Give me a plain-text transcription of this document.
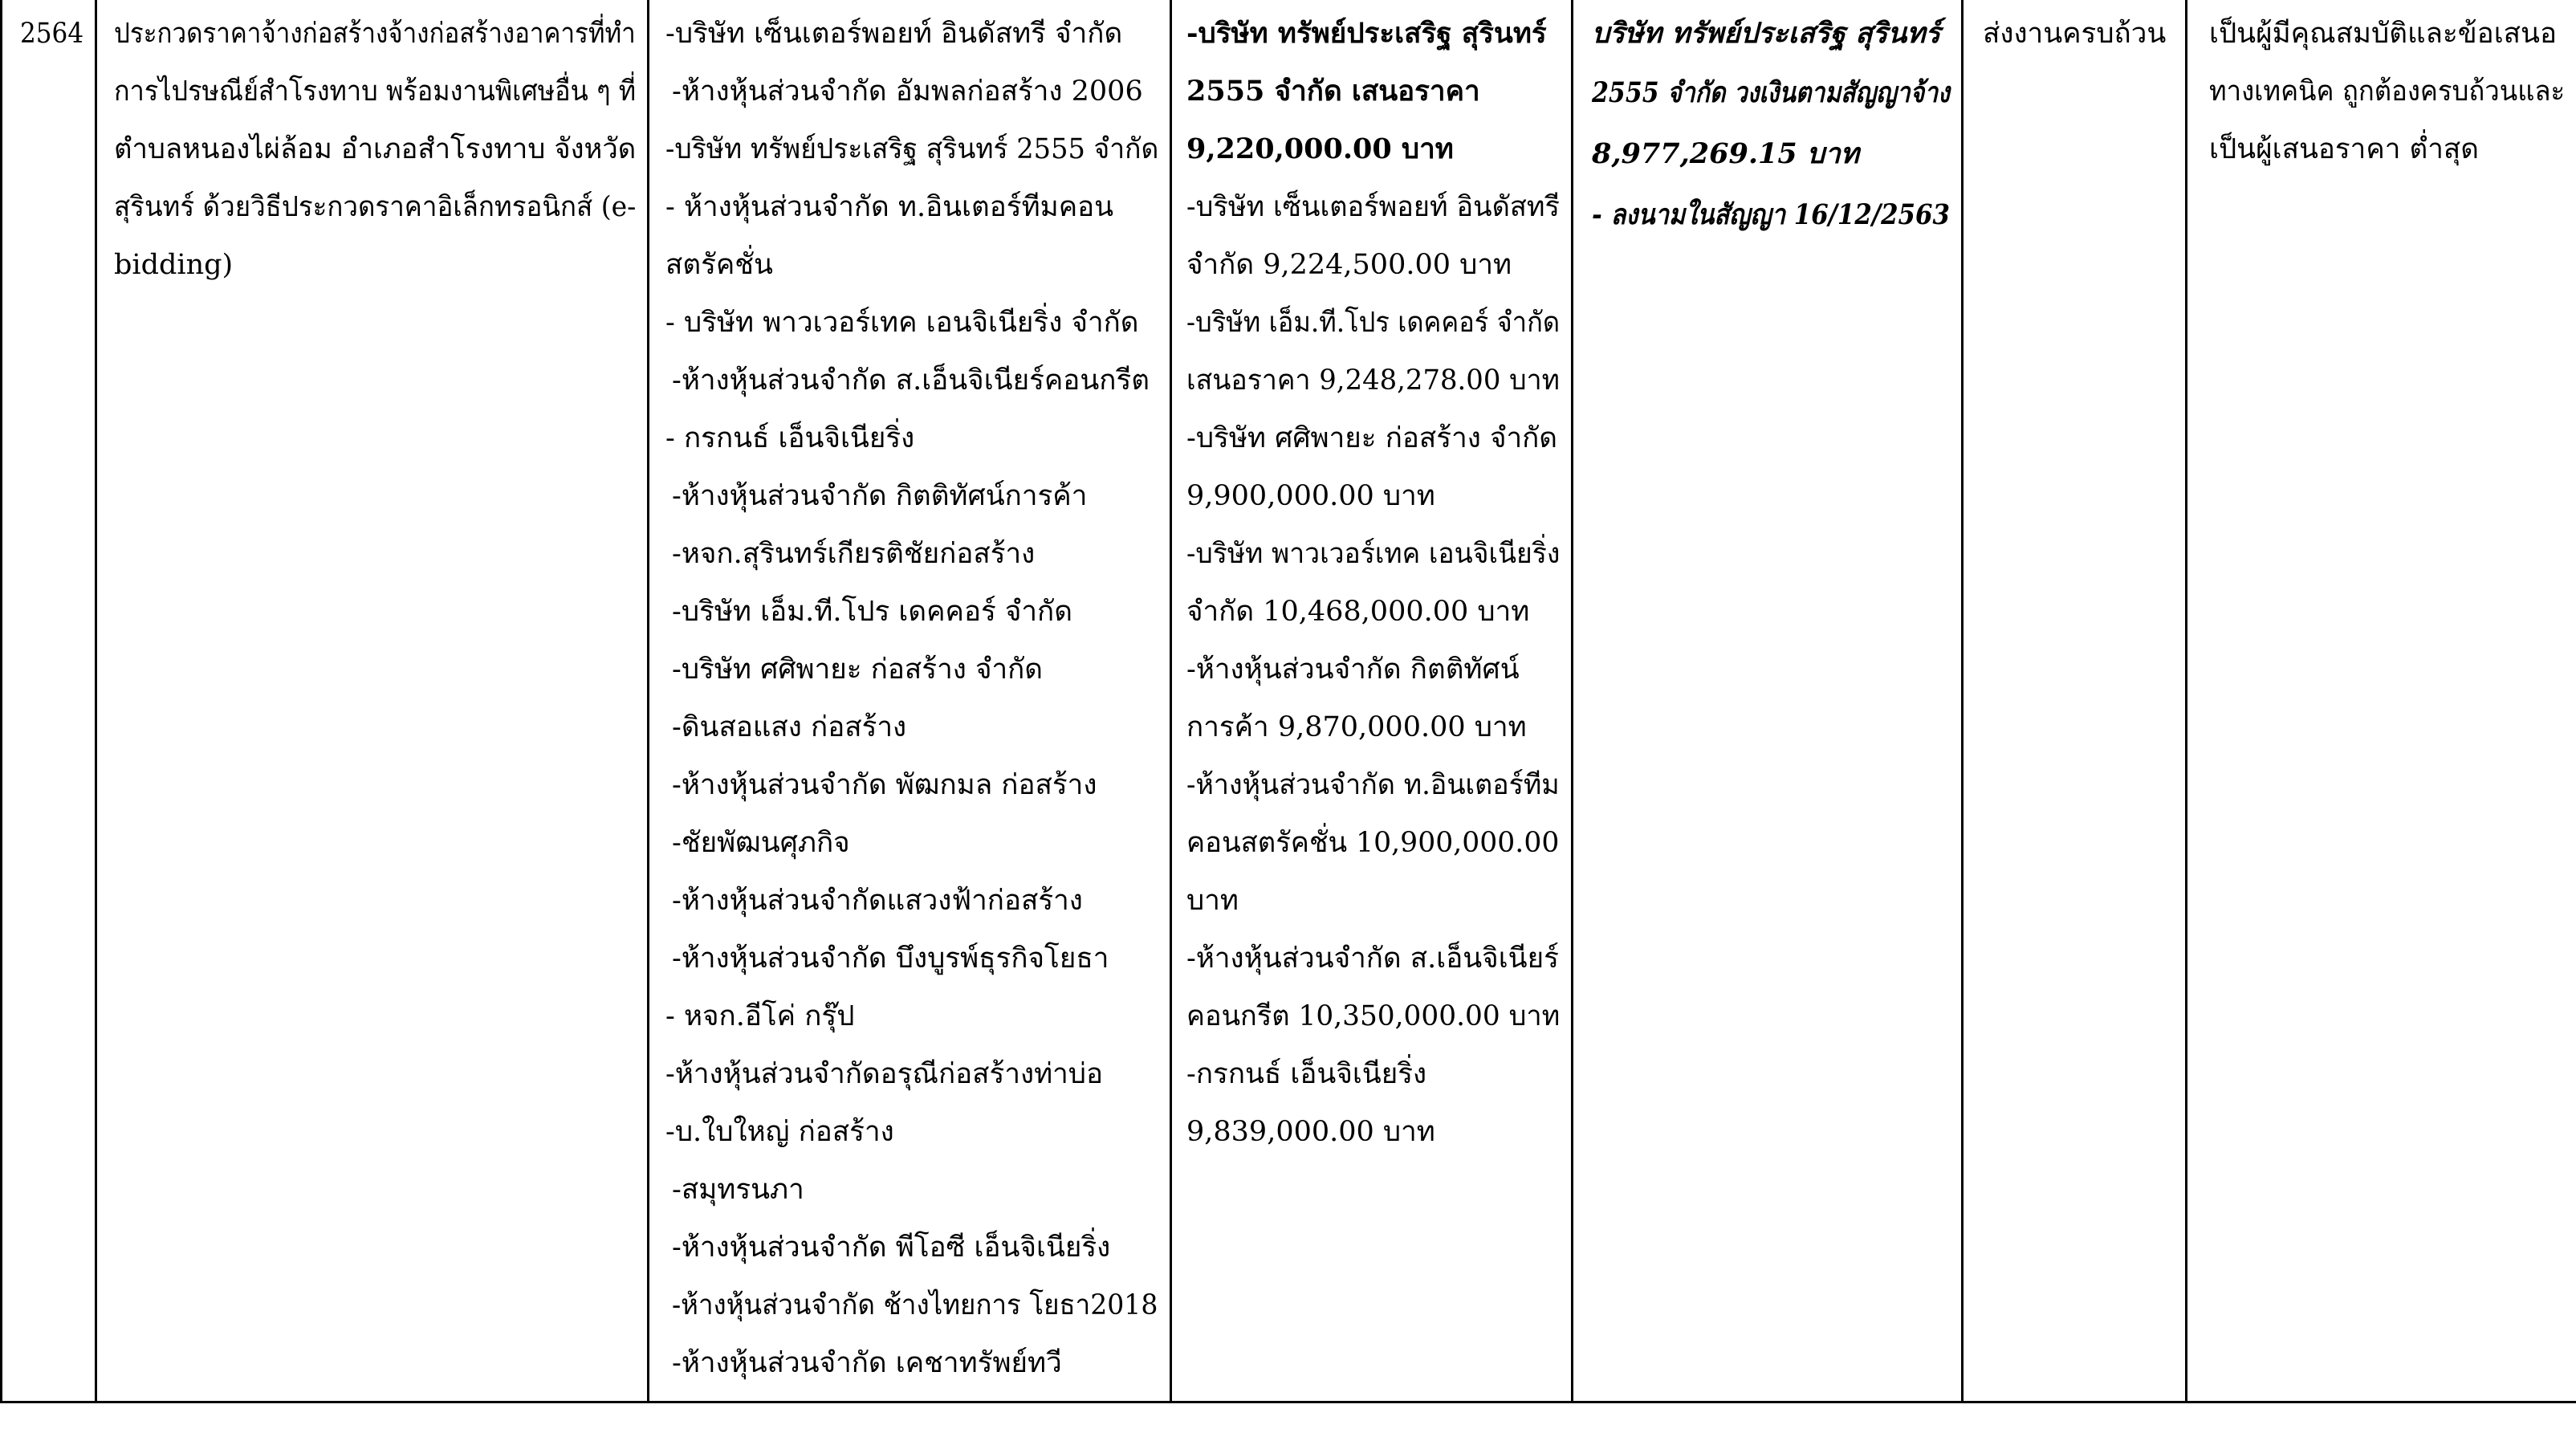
2564 ประกวดราคาจ้างก่อสร้างจ้างก่อสร้างอาคารที่ทำ
การไปรษณีย์สำโรงทาบ พร้อมงานพิเศษอื่น ๆ ที่
ตำบลหนองไผ่ล้อม อำเภอสำโรงทาบ จังหวัด
สุรินทร์ ด้วยวิธีประกวดราคาอิเล็กทรอนิกส์ (e-
bidding)
-บริษัท เซ็นเตอร์พอยท์ อินดัสทรี จำกัด
-ห้างหุ้นส่วนจำกัด อัมพลก่อสร้าง 2006
-บริษัท ทรัพย์ประเสริฐ สุรินทร์ 2555 จำกัด
- ห้างหุ้นส่วนจำกัด ท.อินเตอร์ทีมคอน
สตรัคชั่น
- บริษัท พาวเวอร์เทค เอนจิเนียริ่ง จำกัด
-ห้างหุ้นส่วนจำกัด ส.เอ็นจิเนียร์คอนกรีต
- กรกนธ์ เอ็นจิเนียริ่ง
-ห้างหุ้นส่วนจำกัด กิตติทัศน์การค้า
-หจก.สุรินทร์เกียรติชัยก่อสร้าง
-บริษัท เอ็ม.ที.โปร เดคคอร์ จำกัด
-บริษัท ศศิพายะ ก่อสร้าง จำกัด
-ดินสอแสง ก่อสร้าง
-ห้างหุ้นส่วนจำกัด พัฒกมล ก่อสร้าง
-ชัยพัฒนศุภกิจ
-ห้างหุ้นส่วนจำกัดแสวงฟ้าก่อสร้าง
-ห้างหุ้นส่วนจำกัด บึงบูรพ์ธุรกิจโยธา
- หจก.อีโค่ กรุ๊ป
-ห้างหุ้นส่วนจำกัดอรุณีก่อสร้างท่าบ่อ
-บ.ใบใหญ่ ก่อสร้าง
-สมุทรนภา
-ห้างหุ้นส่วนจำกัด พีโอซี เอ็นจิเนียริ่ง
-ห้างหุ้นส่วนจำกัด ช้างไทยการ โยธา2018
-ห้างหุ้นส่วนจำกัด เคชาทรัพย์ทวี
-บริษัท ทรัพย์ประเสริฐ สุรินทร์
2555 จำกัด เสนอราคา
9,220,000.00 บาท
-บริษัท เซ็นเตอร์พอยท์ อินดัสทรี
จำกัด 9,224,500.00 บาท
-บริษัท เอ็ม.ที.โปร เดคคอร์ จำกัด
เสนอราคา 9,248,278.00 บาท
-บริษัท ศศิพายะ ก่อสร้าง จำกัด
9,900,000.00 บาท
-บริษัท พาวเวอร์เทค เอนจิเนียริ่ง
จำกัด 10,468,000.00 บาท
-ห้างหุ้นส่วนจำกัด กิตติทัศน์
การค้า 9,870,000.00 บาท
-ห้างหุ้นส่วนจำกัด ท.อินเตอร์ทีม
คอนสตรัคชั่น 10,900,000.00
บาท
-ห้างหุ้นส่วนจำกัด ส.เอ็นจิเนียร์
คอนกรีต 10,350,000.00 บาท
-กรกนธ์ เอ็นจิเนียริ่ง
9,839,000.00 บาท
บริษัท ทรัพย์ประเสริฐ สุรินทร์
2555 จำกัด วงเงินตามสัญญาจ้าง
8,977,269.15 บาท
- ลงนามในสัญญา 16/12/2563
ส่งงานครบถ้วน เป็นผู้มีคุณสมบัติและข้อเสนอ
ทางเทคนิค ถูกต้องครบถ้วนและ
เป็นผู้เสนอราคา ต่ำสุด
